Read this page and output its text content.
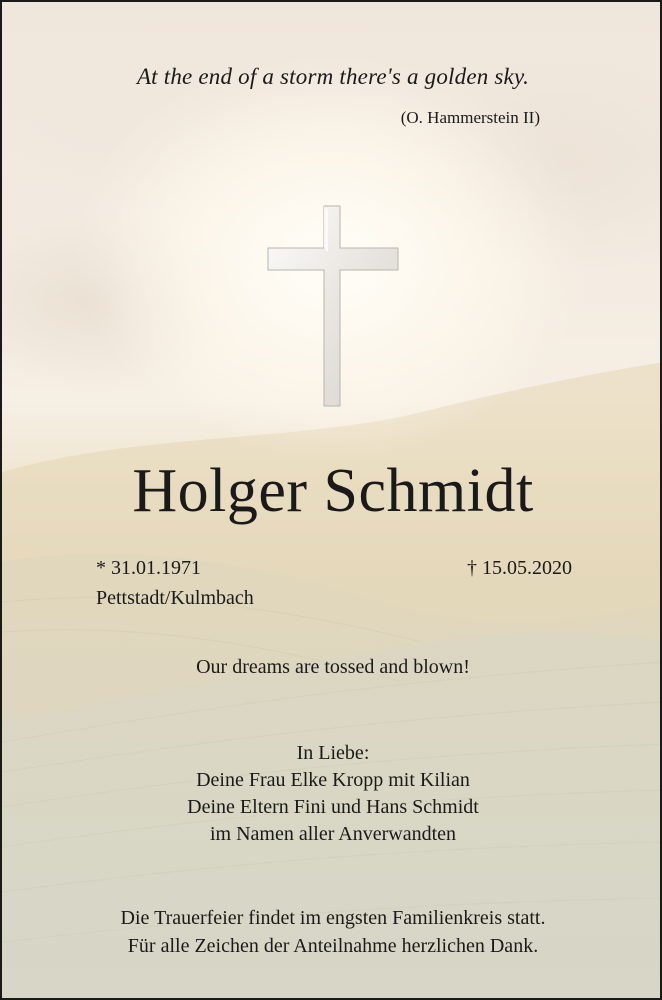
At the end of a storm there's a golden sky.
(O. Hammerstein II)
Holger Schmidt
* 31.01.1971	† 15.05.2020
Pettstadt/Kulmbach
Our dreams are tossed and blown!
In Liebe:
Deine Frau Elke Kropp mit Kilian
Deine Eltern Fini und Hans Schmidt
im Namen aller Anverwandten
Die Trauerfeier findet im engsten Familienkreis statt.
Für alle Zeichen der Anteilnahme herzlichen Dank.
